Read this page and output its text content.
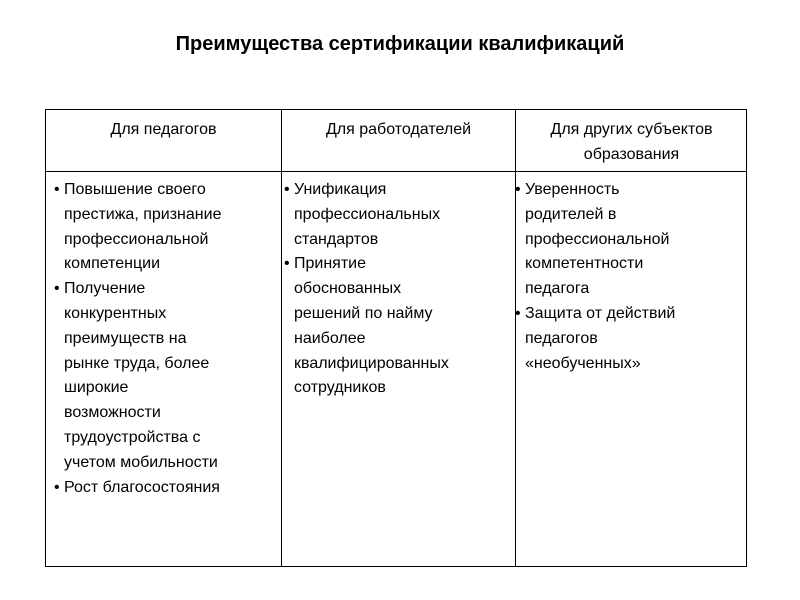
Преимущества сертификации квалификаций
Для педагогов	Для работодателей	Для других субъектов
образования
• Повышение своего
престижа, признание
профессиональной
компетенции
• Получение
конкурентных
преимуществ на
рынке труда, более
широкие
возможности
трудоустройства с
учетом мобильности
• Рост благосостояния
• Унификация
профессиональных
стандартов
• Принятие
обоснованных
решений по найму
наиболее
квалифицированных
сотрудников
• Уверенность
родителей в
профессиональной
компетентности
педагога
• Защита от действий
педагогов
«необученных»
